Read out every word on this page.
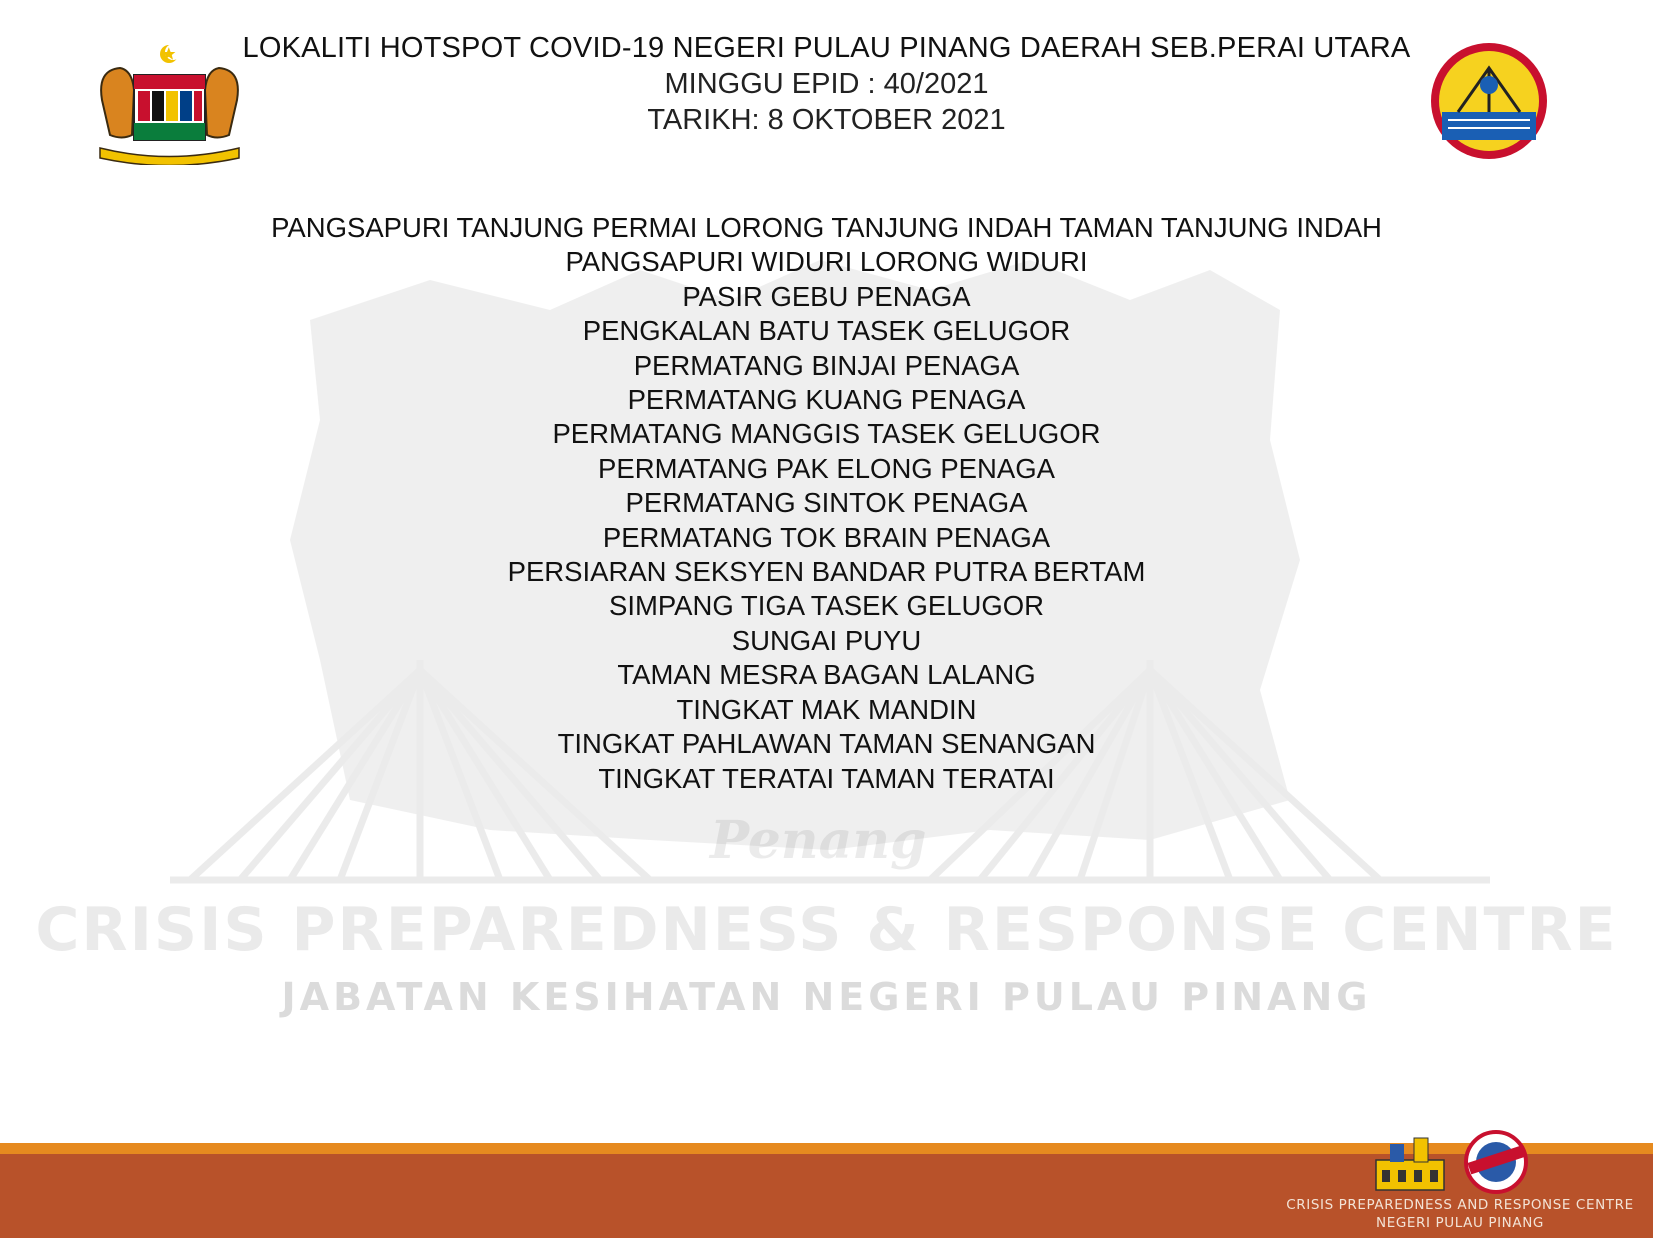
Penang
CRISIS PREPAREDNESS & RESPONSE CENTRE
JABATAN KESIHATAN NEGERI PULAU PINANG

LOKALITI HOTSPOT COVID-19 NEGERI PULAU PINANG DAERAH SEB.PERAI UTARA

MINGGU EPID : 40/2021

TARIKH: 8 OKTOBER 2021

PANGSAPURI TANJUNG PERMAI LORONG TANJUNG INDAH TAMAN TANJUNG INDAH
PANGSAPURI WIDURI LORONG WIDURI
PASIR GEBU PENAGA
PENGKALAN BATU TASEK GELUGOR
PERMATANG BINJAI PENAGA
PERMATANG KUANG PENAGA
PERMATANG MANGGIS TASEK GELUGOR
PERMATANG PAK ELONG PENAGA
PERMATANG SINTOK PENAGA
PERMATANG TOK BRAIN PENAGA
PERSIARAN SEKSYEN BANDAR PUTRA BERTAM
SIMPANG TIGA TASEK GELUGOR
SUNGAI PUYU
TAMAN MESRA BAGAN LALANG
TINGKAT MAK MANDIN
TINGKAT PAHLAWAN TAMAN SENANGAN
TINGKAT TERATAI TAMAN TERATAI
CRISIS PREPAREDNESS AND RESPONSE CENTRE
NEGERI PULAU PINANG
